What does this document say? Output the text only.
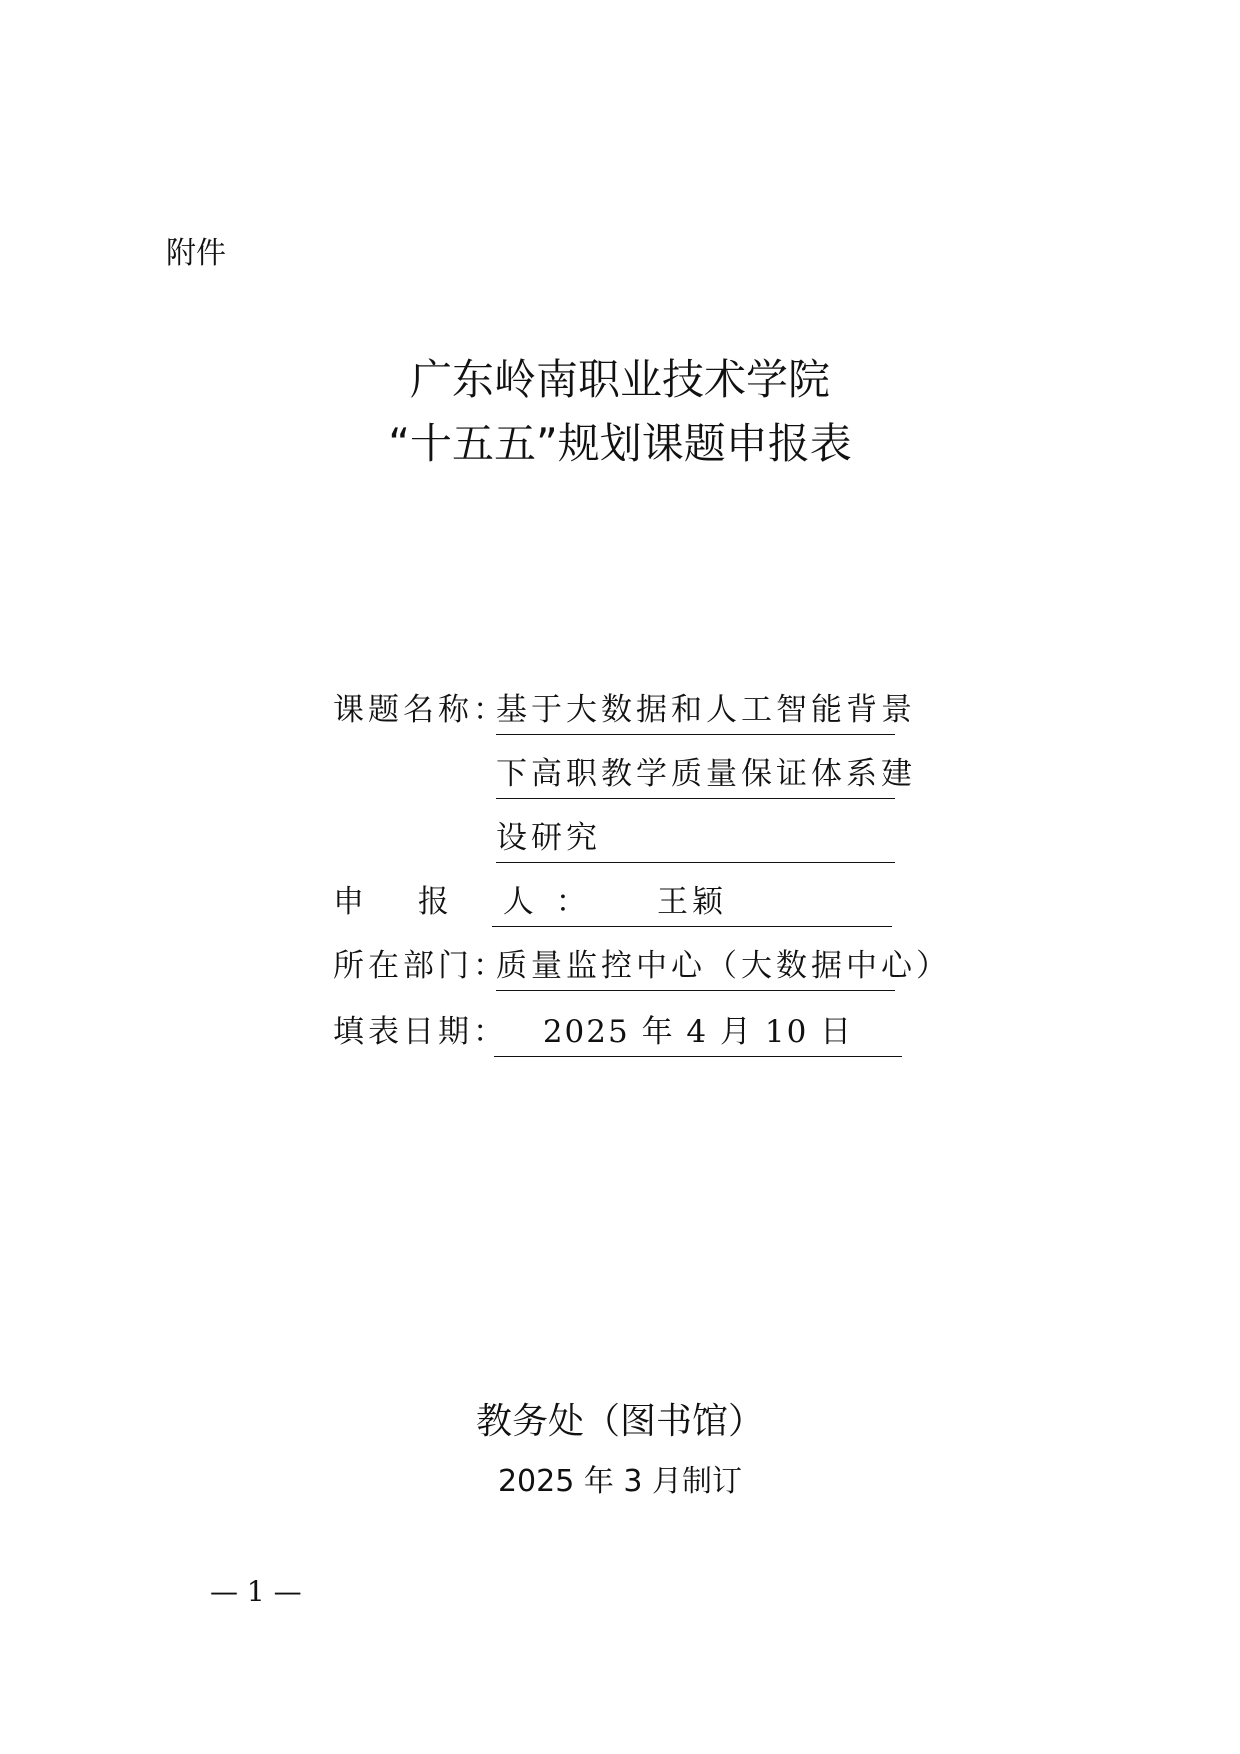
附件
广东岭南职业技术学院
“十五五”规划课题申报表
课题名称：
基于大数据和人工智能背景
下高职教学质量保证体系建
设研究
申 报 人：	王颖
所在部门：
质量监控中心（大数据中心）
填表日期：	2025 年 4 月 10 日
教务处（图书馆）
2025 年 3 月制订
— 1 —
